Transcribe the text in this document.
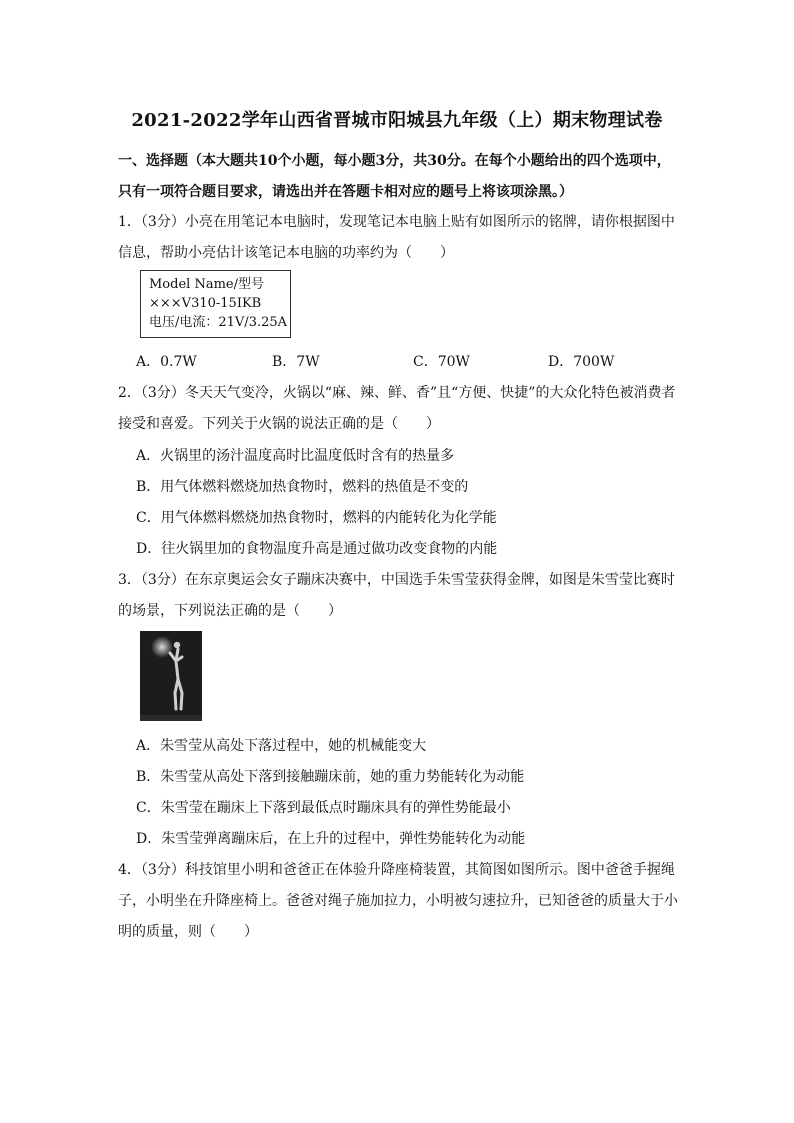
2021-2022学年山西省晋城市阳城县九年级（上）期末物理试卷
一、选择题（本大题共10个小题，每小题3分，共30分。在每个小题给出的四个选项中，只有一项符合题目要求，请选出并在答题卡相对应的题号上将该项涂黑。）
1．（3分）小亮在用笔记本电脑时，发现笔记本电脑上贴有如图所示的铭牌，请你根据图中信息，帮助小亮估计该笔记本电脑的功率约为（　　）
Model Name/型号
×××V310-15IKB
电压/电流：21V/3.25A
A．0.7W	B．7W	C．70W	D．700W
2．（3分）冬天天气变冷，火锅以“麻、辣、鲜、香”且“方便、快捷”的大众化特色被消费者接受和喜爱。下列关于火锅的说法正确的是（　　）
A．火锅里的汤汁温度高时比温度低时含有的热量多
B．用气体燃料燃烧加热食物时，燃料的热值是不变的
C．用气体燃料燃烧加热食物时，燃料的内能转化为化学能
D．往火锅里加的食物温度升高是通过做功改变食物的内能
3．（3分）在东京奥运会女子蹦床决赛中，中国选手朱雪莹获得金牌，如图是朱雪莹比赛时的场景，下列说法正确的是（　　）
A．朱雪莹从高处下落过程中，她的机械能变大
B．朱雪莹从高处下落到接触蹦床前，她的重力势能转化为动能
C．朱雪莹在蹦床上下落到最低点时蹦床具有的弹性势能最小
D．朱雪莹弹离蹦床后，在上升的过程中，弹性势能转化为动能
4．（3分）科技馆里小明和爸爸正在体验升降座椅装置，其简图如图所示。图中爸爸手握绳子，小明坐在升降座椅上。爸爸对绳子施加拉力，小明被匀速拉升，已知爸爸的质量大于小明的质量，则（　　）
